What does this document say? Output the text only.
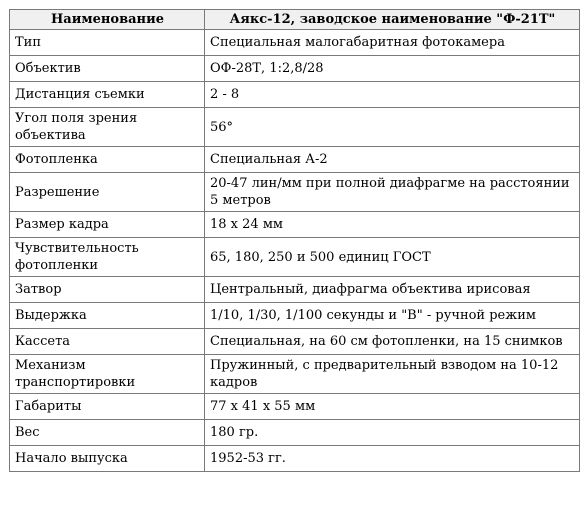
Наименование	Аякс-12, заводское наименование "Ф-21Т"
Тип	Специальная малогабаритная фотокамера
Объектив	ОФ-28Т, 1:2,8/28
Дистанция съемки	2 - 8
Угол поля зрения объектива	56°
Фотопленка	Специальная А-2
Разрешение	20-47 лин/мм при полной диафрагме на расстоянии 5 метров
Размер кадра	18 х 24 мм
Чувствительность фотопленки	65, 180, 250 и 500 единиц ГОСТ
Затвор	Центральный, диафрагма объектива ирисовая
Выдержка	1/10, 1/30, 1/100 секунды и "В" - ручной режим
Кассета	Специальная, на 60 см фотопленки, на 15 снимков
Механизм транспортировки	Пружинный, с предварительный взводом на 10-12 кадров
Габариты	77 х 41 х 55 мм
Вес	180 гр.
Начало выпуска	1952-53 гг.
